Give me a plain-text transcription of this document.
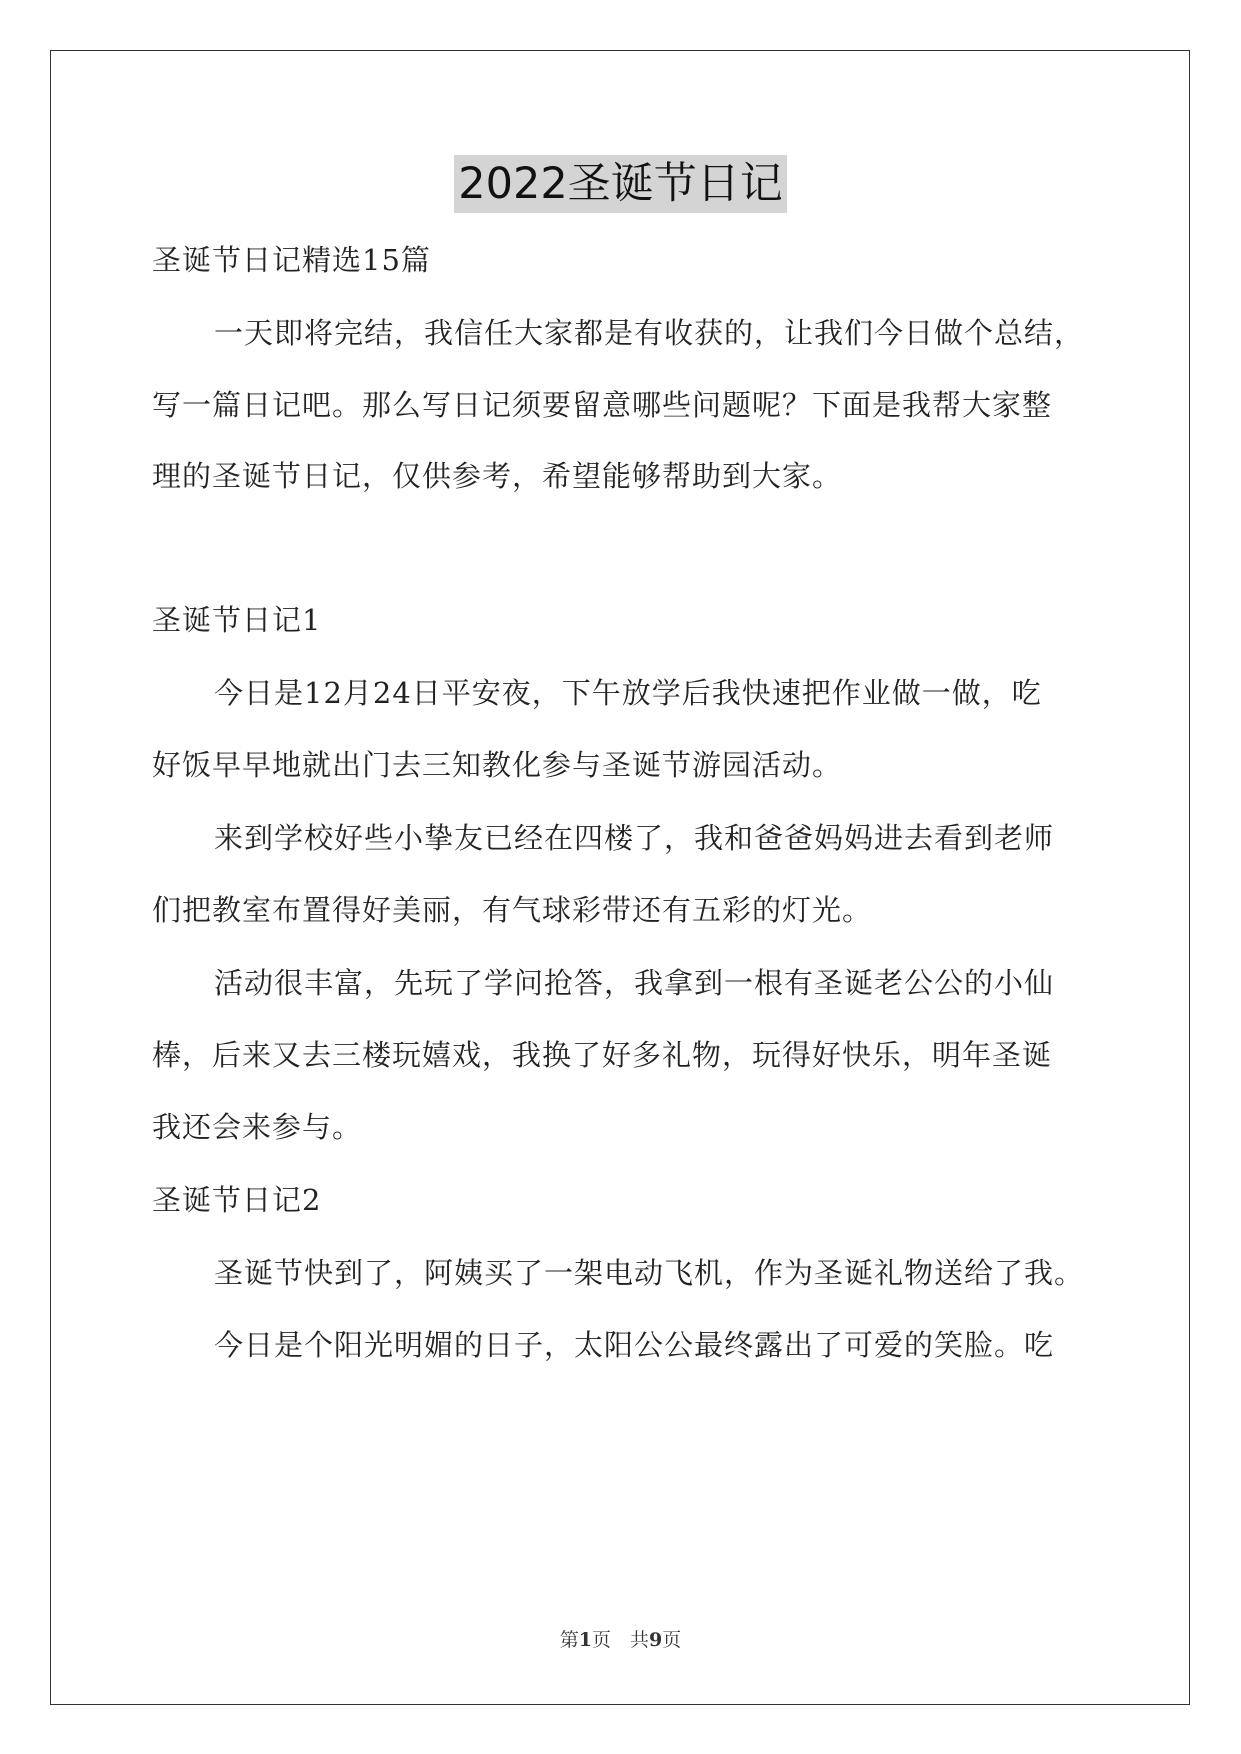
2022圣诞节日记
圣诞节日记精选15篇
一天即将完结，我信任大家都是有收获的，让我们今日做个总结，
写一篇日记吧。那么写日记须要留意哪些问题呢？下面是我帮大家整
理的圣诞节日记，仅供参考，希望能够帮助到大家。
圣诞节日记1
今日是12月24日平安夜，下午放学后我快速把作业做一做，吃
好饭早早地就出门去三知教化参与圣诞节游园活动。
来到学校好些小挚友已经在四楼了，我和爸爸妈妈进去看到老师
们把教室布置得好美丽，有气球彩带还有五彩的灯光。
活动很丰富，先玩了学问抢答，我拿到一根有圣诞老公公的小仙
棒，后来又去三楼玩嬉戏，我换了好多礼物，玩得好快乐，明年圣诞
我还会来参与。
圣诞节日记2
圣诞节快到了，阿姨买了一架电动飞机，作为圣诞礼物送给了我。
今日是个阳光明媚的日子，太阳公公最终露出了可爱的笑脸。吃
第1页　共9页
